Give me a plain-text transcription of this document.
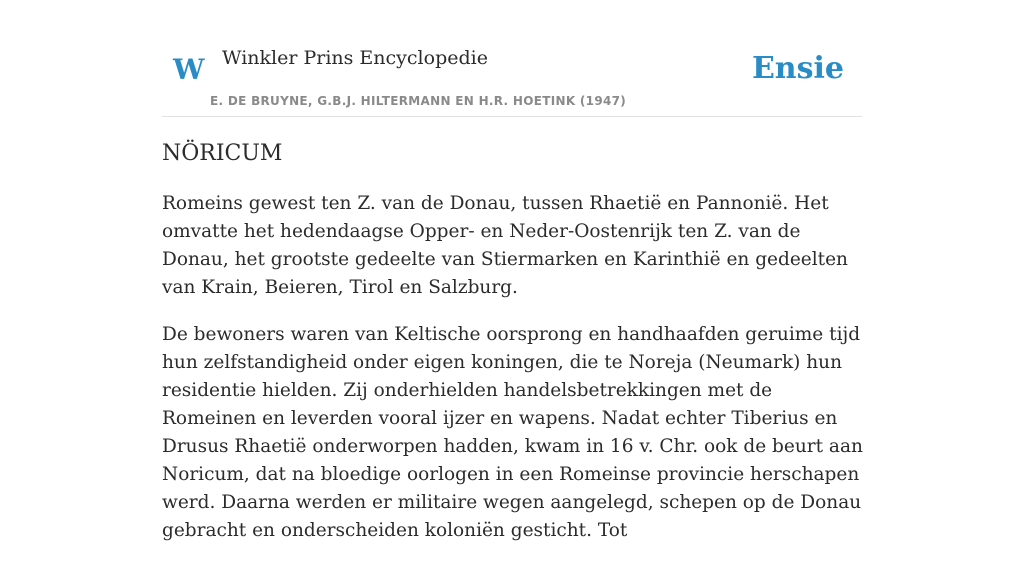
W Winkler Prins Encyclopedie
E. DE BRUYNE, G.B.J. HILTERMANN EN H.R. HOETINK (1947)
Ensie
NÖRICUM

Romeins gewest ten Z. van de Donau, tussen Rhaetië en Pannonië. Het omvatte het hedendaagse Opper- en Neder-Oostenrijk ten Z. van de Donau, het grootste gedeelte van Stiermarken en Karinthië en gedeelten van Krain, Beieren, Tirol en Salzburg.

De bewoners waren van Keltische oorsprong en handhaafden geruime tijd hun zelfstandigheid onder eigen koningen, die te Noreja (Neumark) hun residentie hielden. Zij onderhielden handelsbetrekkingen met de Romeinen en leverden vooral ijzer en wapens. Nadat echter Tiberius en Drusus Rhaetië onderworpen hadden, kwam in 16 v. Chr. ook de beurt aan Noricum, dat na bloedige oorlogen in een Romeinse provincie herschapen werd. Daarna werden er militaire wegen aangelegd, schepen op de Donau gebracht en onderscheiden koloniën gesticht. Tot
